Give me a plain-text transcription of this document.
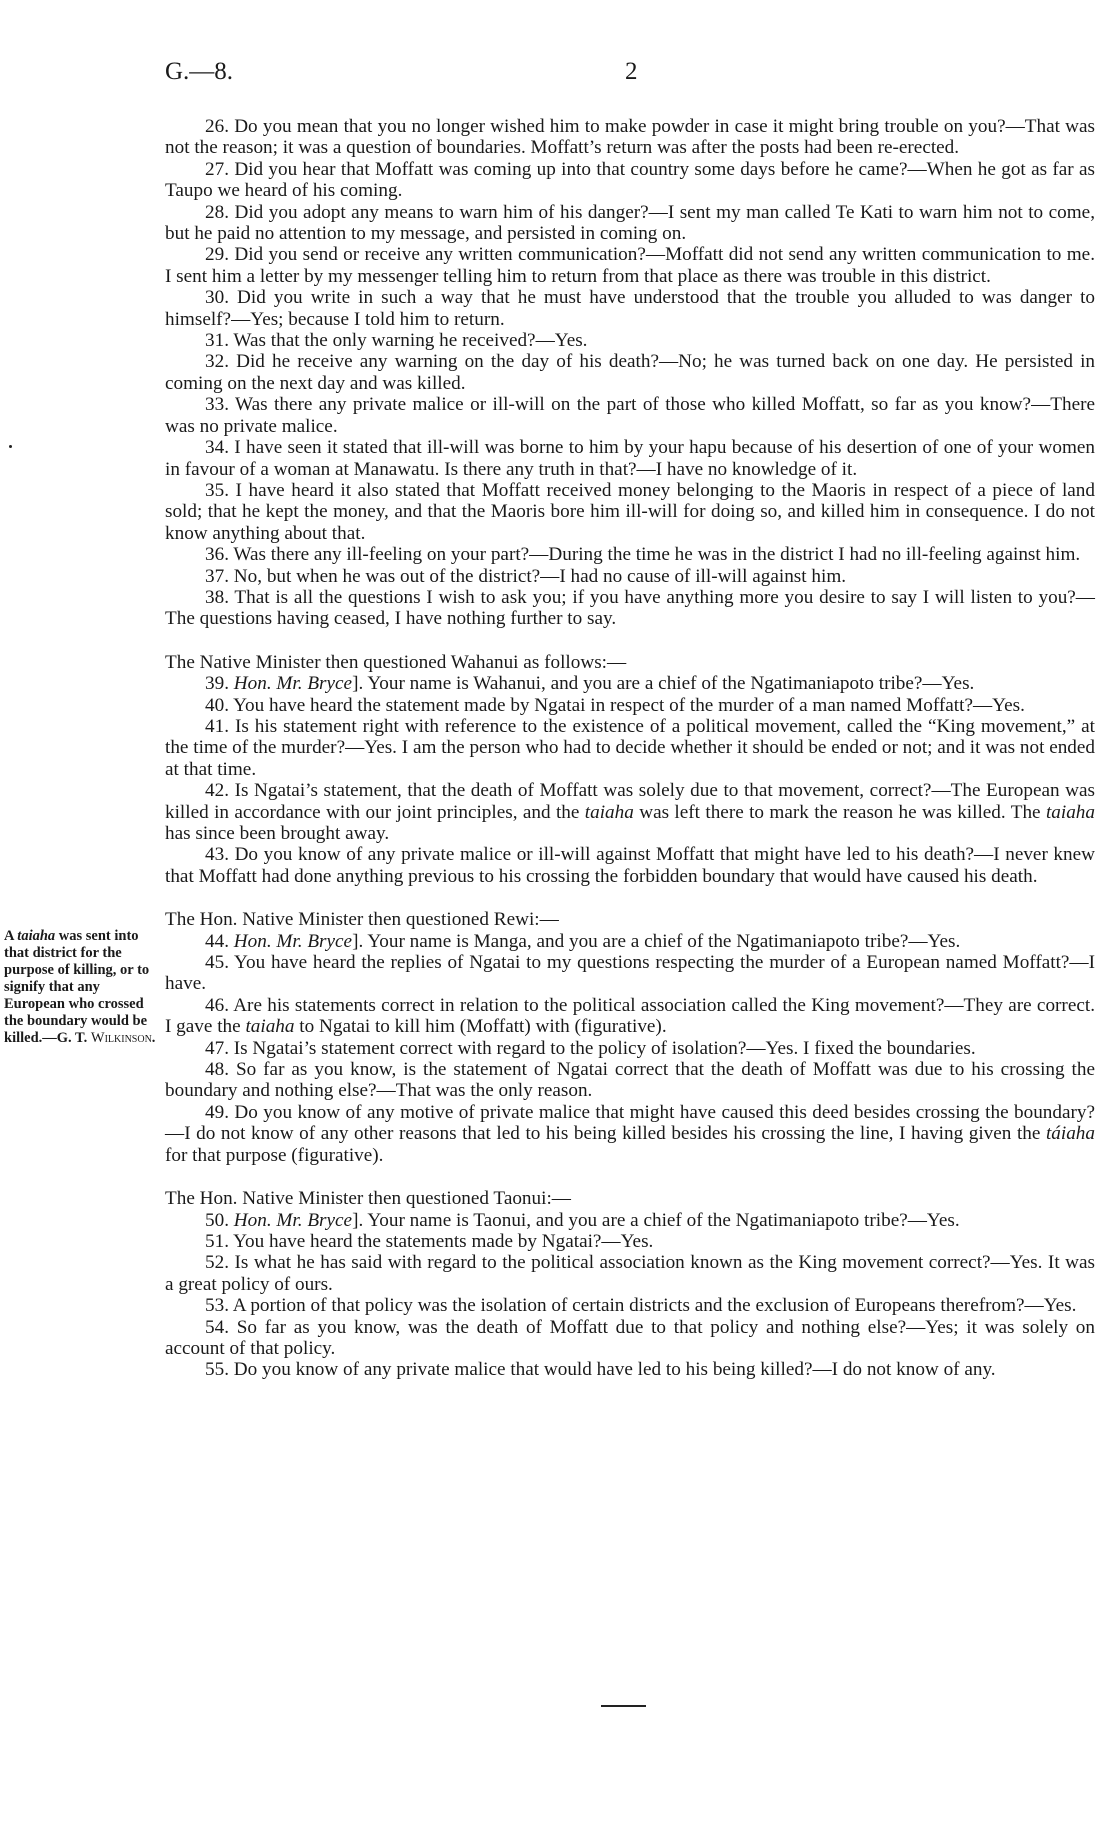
G.—8.	2

26. Do you mean that you no longer wished him to make powder in case it might bring trouble on you?—That was not the reason; it was a question of boundaries. Moffatt’s return was after the posts had been re-erected.

27. Did you hear that Moffatt was coming up into that country some days before he came?—When he got as far as Taupo we heard of his coming.

28. Did you adopt any means to warn him of his danger?—I sent my man called Te Kati to warn him not to come, but he paid no attention to my message, and persisted in coming on.

29. Did you send or receive any written communication?—Moffatt did not send any written communication to me. I sent him a letter by my messenger telling him to return from that place as there was trouble in this district.

30. Did you write in such a way that he must have understood that the trouble you alluded to was danger to himself?—Yes; because I told him to return.

31. Was that the only warning he received?—Yes.

32. Did he receive any warning on the day of his death?—No; he was turned back on one day. He persisted in coming on the next day and was killed.

33. Was there any private malice or ill-will on the part of those who killed Moffatt, so far as you know?—There was no private malice.

34. I have seen it stated that ill-will was borne to him by your hapu because of his desertion of one of your women in favour of a woman at Manawatu. Is there any truth in that?—I have no knowledge of it.

35. I have heard it also stated that Moffatt received money belonging to the Maoris in respect of a piece of land sold; that he kept the money, and that the Maoris bore him ill-will for doing so, and killed him in consequence. I do not know anything about that.

36. Was there any ill-feeling on your part?—During the time he was in the district I had no ill-feeling against him.

37. No, but when he was out of the district?—I had no cause of ill-will against him.

38. That is all the questions I wish to ask you; if you have anything more you desire to say I will listen to you?—The questions having ceased, I have nothing further to say.

The Native Minister then questioned Wahanui as follows:—

39. Hon. Mr. Bryce]. Your name is Wahanui, and you are a chief of the Ngatimaniapoto tribe?—Yes.

40. You have heard the statement made by Ngatai in respect of the murder of a man named Moffatt?—Yes.

41. Is his statement right with reference to the existence of a political movement, called the “King movement,” at the time of the murder?—Yes. I am the person who had to decide whether it should be ended or not; and it was not ended at that time.

42. Is Ngatai’s statement, that the death of Moffatt was solely due to that movement, correct?—The European was killed in accordance with our joint principles, and the taiaha was left there to mark the reason he was killed. The taiaha has since been brought away.

43. Do you know of any private malice or ill-will against Moffatt that might have led to his death?—I never knew that Moffatt had done anything previous to his crossing the forbidden boundary that would have caused his death.

The Hon. Native Minister then questioned Rewi:—

44. Hon. Mr. Bryce]. Your name is Manga, and you are a chief of the Ngatimaniapoto tribe?—Yes.

45. You have heard the replies of Ngatai to my questions respecting the murder of a European named Moffatt?—I have.

46. Are his statements correct in relation to the political association called the King movement?—They are correct. I gave the taiaha to Ngatai to kill him (Moffatt) with (figurative).

47. Is Ngatai’s statement correct with regard to the policy of isolation?—Yes. I fixed the boundaries.

48. So far as you know, is the statement of Ngatai correct that the death of Moffatt was due to his crossing the boundary and nothing else?—That was the only reason.

49. Do you know of any motive of private malice that might have caused this deed besides crossing the boundary?—I do not know of any other reasons that led to his being killed besides his crossing the line, I having given the táiaha for that purpose (figurative).

The Hon. Native Minister then questioned Taonui:—

50. Hon. Mr. Bryce]. Your name is Taonui, and you are a chief of the Ngatimaniapoto tribe?—Yes.

51. You have heard the statements made by Ngatai?—Yes.

52. Is what he has said with regard to the political association known as the King movement correct?—Yes. It was a great policy of ours.

53. A portion of that policy was the isolation of certain districts and the exclusion of Europeans therefrom?—Yes.

54. So far as you know, was the death of Moffatt due to that policy and nothing else?—Yes; it was solely on account of that policy.

55. Do you know of any private malice that would have led to his being killed?—I do not know of any.

A taiaha was sent into that district for the purpose of killing, or to signify that any European who crossed the boundary would be killed.—G. T. Wilkinson.
